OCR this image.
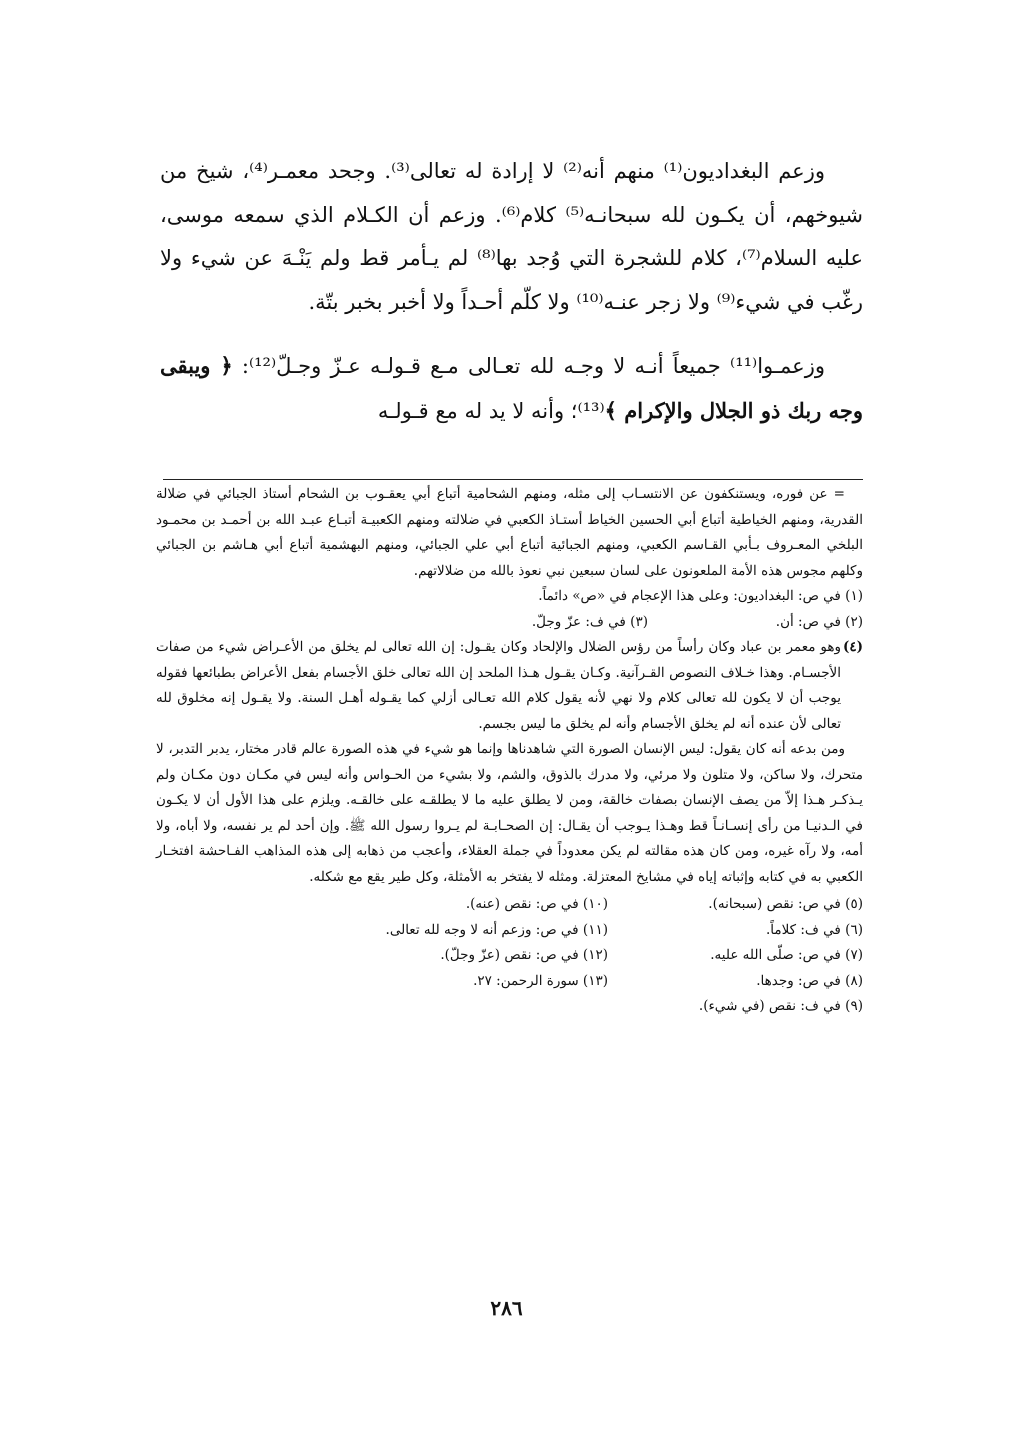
وزعم البغداديون⁽¹⁾ منهم أنه⁽²⁾ لا إرادة له تعالى⁽³⁾. وجحد معمـر⁽⁴⁾، شيخ من شيوخهم، أن يكـون لله سبحانـه⁽⁵⁾ كلام⁽⁶⁾. وزعم أن الكـلام الذي سمعه موسى، عليه السلام⁽⁷⁾، كلام للشجرة التي وُجد بها⁽⁸⁾ لم يـأمر قط ولم يَنْـهَ عن شيء ولا رغّب في شيء⁽⁹⁾ ولا زجر عنـه⁽¹⁰⁾ ولا كلّم أحـداً ولا أخبر بخبر بتّة.

وزعمـوا⁽¹¹⁾ جميعاً أنـه لا وجـه لله تعـالى مـع قـولـه عـزّ وجـلّ⁽¹²⁾: ﴿ ويبقى وجه ربك ذو الجلال والإكرام ﴾⁽¹³⁾؛ وأنه لا يد له مع قـولـه

= عن فوره، ويستنكفون عن الانتسـاب إلى مثله، ومنهم الشحامية أتباع أبي يعقـوب بن الشحام أستاذ الجبائي في ضلالة القدرية، ومنهم الخياطية أتباع أبي الحسين الخياط أستـاذ الكعبي في ضلالته ومنهم الكعبيـة أتبـاع عبـد الله بن أحمـد بن محمـود البلخي المعـروف بـأبي القـاسم الكعبي، ومنهم الجبائية أتباع أبي علي الجبائي، ومنهم البهشمية أتباع أبي هـاشم بن الجبائي وكلهم مجوس هذه الأمة الملعونون على لسان سبعين نبي نعوذ بالله من ضلالاتهم.

(١) في ص: البغداديون: وعلى هذا الإعجام في «ص» دائماً.

(٢) في ص: أن.
(٣) في ف: عزّ وجلّ.

(٤)
وهو معمر بن عباد وكان رأساً من رؤس الضلال والإلحاد وكان يقـول: إن الله تعالى لم يخلق من الأعـراض شيء من صفات الأجسـام. وهذا خـلاف النصوص القـرآنية. وكـان يقـول هـذا الملحد إن الله تعالى خلق الأجسام بفعل الأعراض بطبائعها فقوله يوجب أن لا يكون لله تعالى كلام ولا نهي لأنه يقول كلام الله تعـالى أزلي كما يقـوله أهـل السنة. ولا يقـول إنه مخلوق لله تعالى لأن عنده أنه لم يخلق الأجسام وأنه لم يخلق ما ليس بجسم.

ومن بدعه أنه كان يقول: ليس الإنسان الصورة التي شاهدناها وإنما هو شيء في هذه الصورة عالم قادر مختار، يدبر التدبر، لا متحرك، ولا ساكن، ولا متلون ولا مرئي، ولا مدرك بالذوق، والشم، ولا بشيء من الحـواس وأنه ليس في مكـان دون مكـان ولم يـذكـر هـذا إلاّ من يصف الإنسان بصفات خالقة، ومن لا يطلق عليه ما لا يطلقـه على خالقـه. ويلزم على هذا الأول أن لا يكـون في الـدنيـا من رأى إنسـانـاً قط وهـذا يـوجب أن يقـال: إن الصحـابـة لم يـروا رسول الله ﷺ. وإن أحد لم ير نفسه، ولا أباه، ولا أمه، ولا رآه غيره، ومن كان هذه مقالته لم يكن معدوداً في جملة العقلاء، وأعجب من ذهابه إلى هذه المذاهب الفـاحشة افتخـار الكعبي به في كتابه وإثباته إياه في مشايخ المعتزلة. ومثله لا يفتخر به الأمثلة، وكل طير يقع مع شكله.

(٥) في ص: نقص (سبحانه).

(٦) في ف: كلاماً.

(٧) في ص: صلّى الله عليه.

(٨) في ص: وجدها.

(٩) في ف: نقص (في شيء).

(١٠) في ص: نقص (عنه).

(١١) في ص: وزعم أنه لا وجه لله تعالى.

(١٢) في ص: نقص (عزّ وجلّ).

(١٣) سورة الرحمن: ٢٧.

٢٨٦
